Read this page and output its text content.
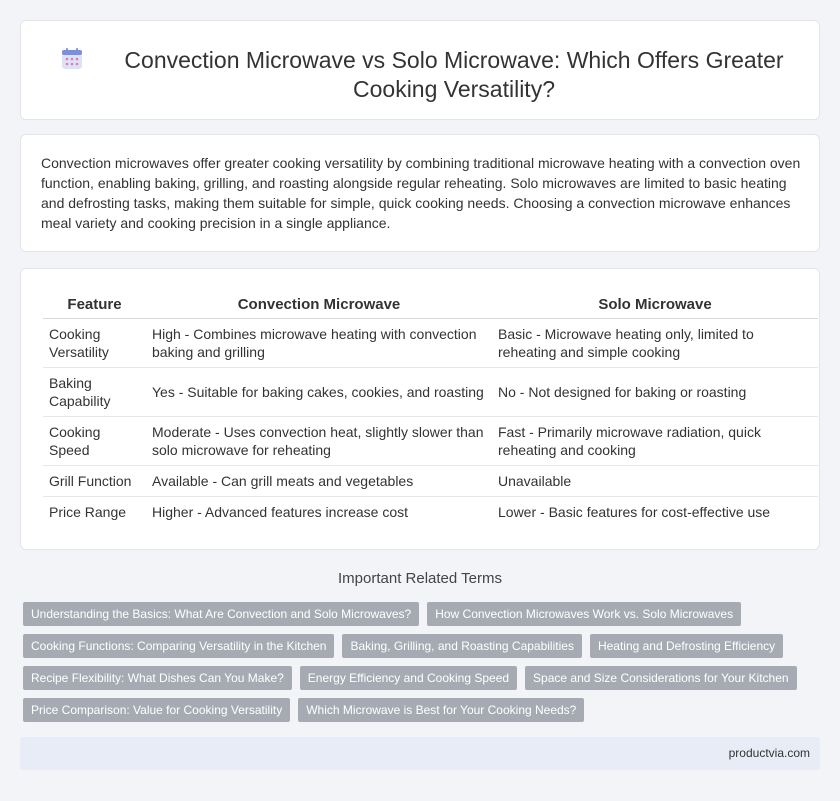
Convection Microwave vs Solo Microwave: Which Offers Greater Cooking Versatility?

Convection microwaves offer greater cooking versatility by combining traditional microwave heating with a convection oven function, enabling baking, grilling, and roasting alongside regular reheating. Solo microwaves are limited to basic heating and defrosting tasks, making them suitable for simple, quick cooking needs. Choosing a convection microwave enhances meal variety and cooking precision in a single appliance.

Feature	Convection Microwave	Solo Microwave
Cooking Versatility	High - Combines microwave heating with convection baking and grilling	Basic - Microwave heating only, limited to reheating and simple cooking
Baking Capability	Yes - Suitable for baking cakes, cookies, and roasting	No - Not designed for baking or roasting
Cooking Speed	Moderate - Uses convection heat, slightly slower than solo microwave for reheating	Fast - Primarily microwave radiation, quick reheating and cooking
Grill Function	Available - Can grill meats and vegetables	Unavailable
Price Range	Higher - Advanced features increase cost	Lower - Basic features for cost-effective use
Important Related Terms
Understanding the Basics: What Are Convection and Solo Microwaves?	How Convection Microwaves Work vs. Solo Microwaves
Cooking Functions: Comparing Versatility in the Kitchen	Baking, Grilling, and Roasting Capabilities	Heating and Defrosting Efficiency
Recipe Flexibility: What Dishes Can You Make?	Energy Efficiency and Cooking Speed	Space and Size Considerations for Your Kitchen
Price Comparison: Value for Cooking Versatility	Which Microwave is Best for Your Cooking Needs?
productvia.com
